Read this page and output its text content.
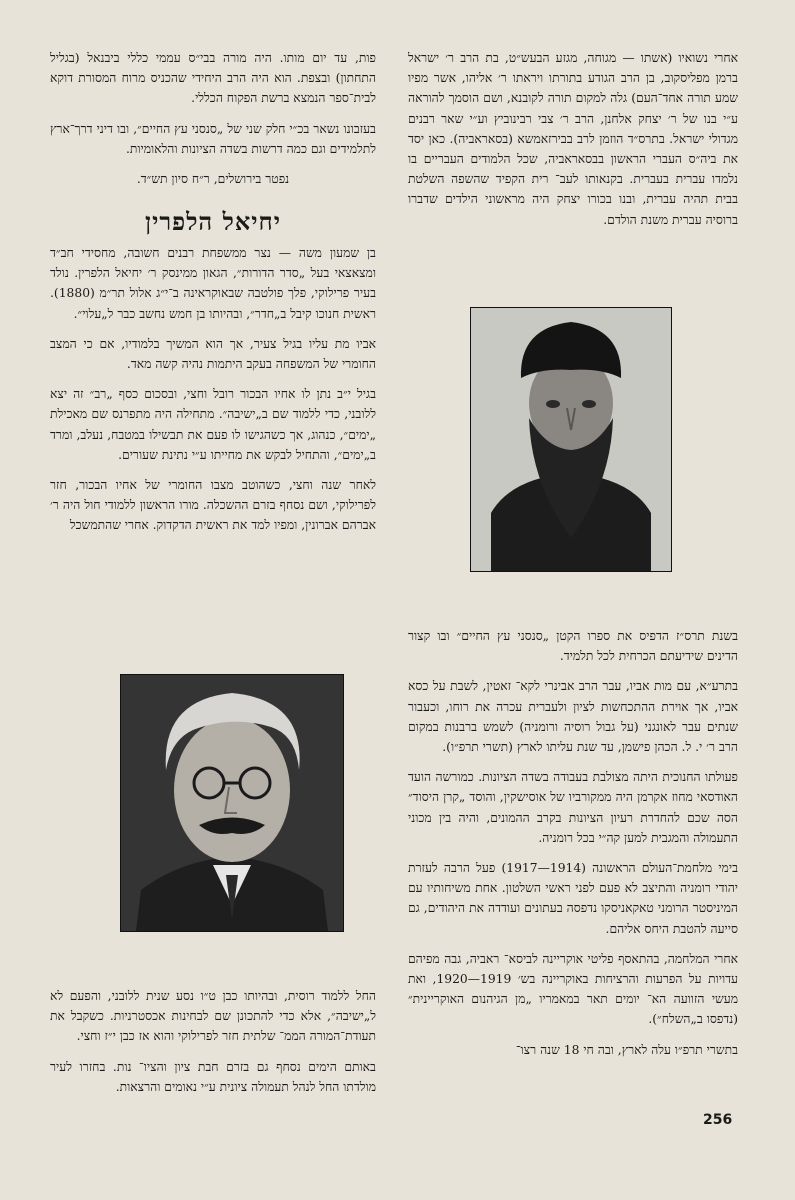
אחרי נשואיו (אשתו — מגוחה, מגזע הבעש״ט, בת הרב ר׳ ישראל ברמן מפליסקוב, בן הרב הגודע בתורתו ויראתו ר׳ אליהו, אשר מפיו שמע תורה אחד־העם) גלה למקום תורה לקובנא, ושם הוסמך להוראה ע״י בנו של ר׳ יצחק אלחנן, הרב ר׳ צבי רבינוביץ וע״י שאר רבנים מגדולי ישראל. בתרס״ד הוזמן לרב בבירזאמשא (בסאראביה). כאן יסד את ביה״ס העברי הראשון בבסאראביה, שכל הלמודים העבריים בו נלמדו עברית בעברית. בקנאותו לעב־ רית הקפיד שהשפה השלטת בבית תהיה עברית, ובנו בכורו יצחק היה מראשוני הילדים שדברו ברוסיה עברית משנת הולדם.

בשנת תרס״ז הדפיס את ספרו הקטן „סנסני עץ החיים״ ובו קצור הדינים שידיעתם הכרחית לכל תלמיד.

בתרע״א, עם מות אביו, עבר הרב אבינרי לקא־ זאטין, לשבת על כסא אביו, אך אוירת ההתכחשות לציון ולעברית עכרה את רוחו, וכעבור שנתים עבר לאונגני (על גבול רוסיה ורומניה) לשמש ברבנות במקום הרב ר׳ י. ל. הכהן פישמן, עד שנת עליתו לארץ (תשרי תרפ״ו).

פעולתו החנוכית היתה מצולבת בעבודה בשדה הציונות. כמורשה הועד האודסאי מחוז אקרמן היה ממקורביו של אוסישקין, והוסד „קרן היסוד״ הסה שכם להחדרת רעיון הציונות בקרב ההמונים, והיה בין מכוני התעמולה והמגבית למען קה״י בכל רומניה.

בימי מלחמת־העולם הראשונה (1914—1917) פעל הרבה לעזרת יהודי רומניה והתיצב לא פעם לפני ראשי השלטון. אחת משיחותיו עם המיניסטר הרומני טאקאניסקו נדפסה בעתונים ועודדה את היהודים, גם סייעה להטבת היחס אליהם.

אחרי המלחמה, בהתאסף פליטי אוקריינה לביסא־ ראביה, גבה מפיהם עדויות על הפרעות והרציחות באוקריינה בש׳ 1919—1920, ואת מעשי הזוועה הא־ יומים תאר במאמריו „מן הגיהנום האוקריינית״ (נדפסו ב„השלח״).

בתשרי תרפ״ו עלה לארץ, ובה חי 18 שנה רצו־

פות, עד יום מותו. היה מורה בבי״ס עממי כללי ביבנאל (בגליל התחתון) ובצפת. הוא היה הרב היחידי שהכניס מרוח המסורת דוקא לבית־ספר הנמצא ברשת הפקוח הכללי.

בעזבונו נשאר בכ״י חלק שני של „סנסני עץ החיים״, ובו דיני דרך־ארץ לתלמידים וגם כמה דרשות בשדה הציונות והלאומיות.

נפטר בירושלים, ר״ח סיון תש״ד.

יחיאל הלפרין

בן שמעון משה — נצר ממשפחת רבנים חשובה, מחסידי חב״ד ומצאצאי בעל „סדר הדורות״, הגאון ממינסק ר׳ יחיאל הלפרין. נולד בעיר פרילוקי, פלך פולטבה שבאוקראינה ב־י״ג אלול תר״מ (1880). ראשית חנוכו קיבל ב„חדר״, ובהיותו בן חמש נחשב כבר ל„עלוי״.

אביו מת עליו בגיל צעיר, אך הוא המשיך בלמודיו, אם כי המצב החומרי של המשפחה בעקב היתמות נהיה קשה מאד.

בגיל י״ב נתן לו אחיו הבכור רובל וחצי, ובסכום כסף „רב״ זה יצא ללובני, כדי ללמוד שם ב„ישיבה״. מתחילה היה מתפרנס שם מאכילת „ימים״, כנהוג, אך כשהגישו לו פעם את תבשילו במטבח, נעלב, ומרד ב„ימים״, והתחיל לבקש את מחייתו ע״י נתינת שעורים.

לאחר שנה וחצי, כשהוטב מצבו החומרי של אחיו הבכור, חזר לפרילוקי, ושם נסחף בזרם ההשכלה. מורו הראשון ללמודי חול היה ר׳ אברהם אברונין, ומפיו למד את ראשית הדקדוק. אחרי שהתמשכל

החל ללמוד רוסית, ובהיותו כבן ט״ו נסע שנית ללובני, והפעם לא ל„ישיבה״, אלא כדי להתכונן שם לבחינות אכסטרניות. כשקבל את תעודת־המורה הממ־ שלתית חזר לפרילוקי והוא אז כבן י״ז וחצי.

באותם הימים נסחף גם בזרם חבת ציון והציו־ נות. בחזרו לעיר מולדתו החל לנהל תעמולה ציונית ע״י נאומים והרצאות.

256
